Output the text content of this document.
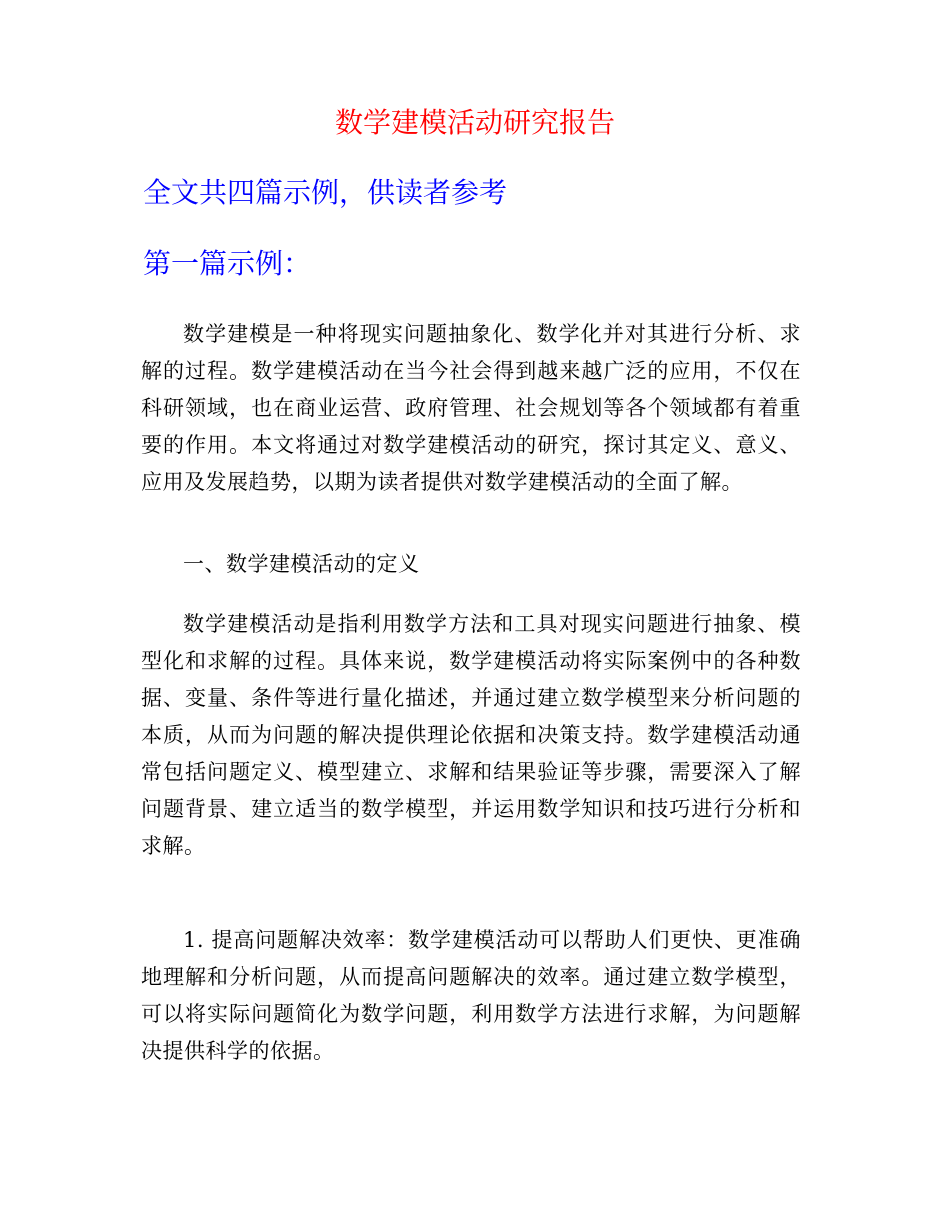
数学建模活动研究报告
全文共四篇示例，供读者参考
第一篇示例：

数学建模是一种将现实问题抽象化、数学化并对其进行分析、求解的过程。数学建模活动在当今社会得到越来越广泛的应用，不仅在科研领域，也在商业运营、政府管理、社会规划等各个领域都有着重要的作用。本文将通过对数学建模活动的研究，探讨其定义、意义、应用及发展趋势，以期为读者提供对数学建模活动的全面了解。

一、数学建模活动的定义

数学建模活动是指利用数学方法和工具对现实问题进行抽象、模型化和求解的过程。具体来说，数学建模活动将实际案例中的各种数据、变量、条件等进行量化描述，并通过建立数学模型来分析问题的本质，从而为问题的解决提供理论依据和决策支持。数学建模活动通常包括问题定义、模型建立、求解和结果验证等步骤，需要深入了解问题背景、建立适当的数学模型，并运用数学知识和技巧进行分析和求解。

1. 提高问题解决效率：数学建模活动可以帮助人们更快、更准确地理解和分析问题，从而提高问题解决的效率。通过建立数学模型，可以将实际问题简化为数学问题，利用数学方法进行求解，为问题解决提供科学的依据。
